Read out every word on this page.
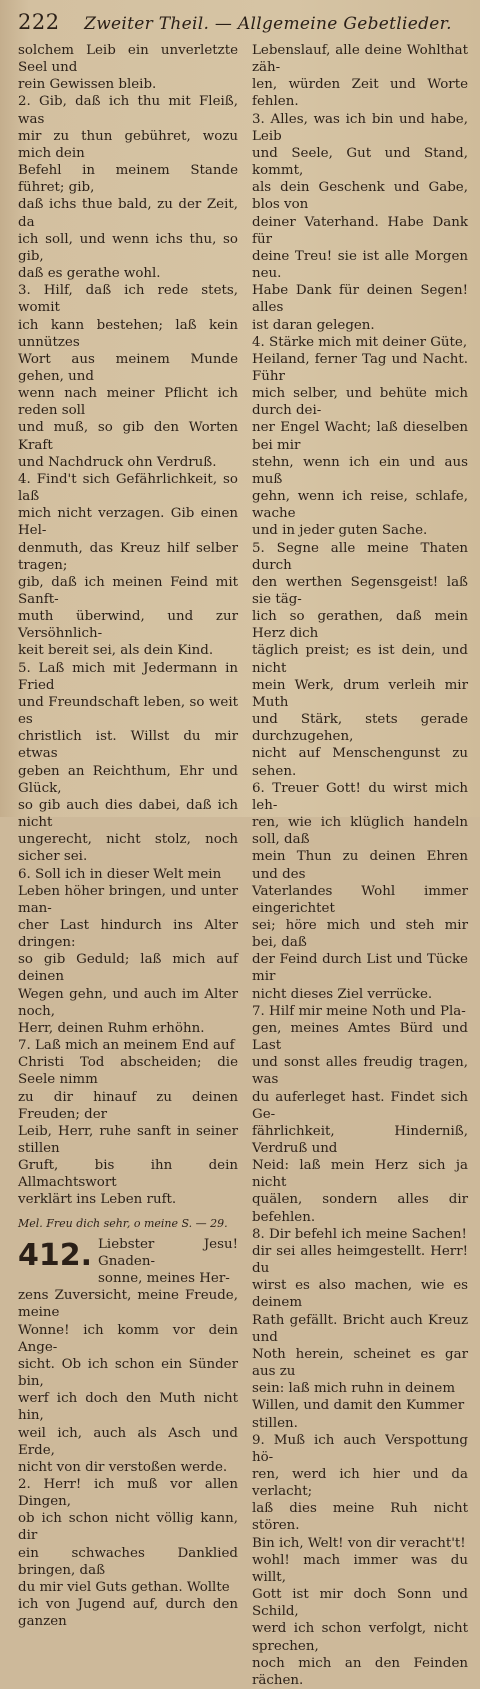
222	Zweiter Theil. — Allgemeine Gebetlieder.

solchem Leib ein unverletzte Seel und
rein Gewissen bleib.
2. Gib, daß ich thu mit Fleiß, was
mir zu thun gebühret, wozu mich dein
Befehl in meinem Stande führet; gib,
daß ichs thue bald, zu der Zeit, da
ich soll, und wenn ichs thu, so gib,
daß es gerathe wohl.
3. Hilf, daß ich rede stets, womit
ich kann bestehen; laß kein unnützes
Wort aus meinem Munde gehen, und
wenn nach meiner Pflicht ich reden soll
und muß, so gib den Worten Kraft
und Nachdruck ohn Verdruß.
4. Find't sich Gefährlichkeit, so laß
mich nicht verzagen. Gib einen Hel-
denmuth, das Kreuz hilf selber tragen;
gib, daß ich meinen Feind mit Sanft-
muth überwind, und zur Versöhnlich-
keit bereit sei, als dein Kind.
5. Laß mich mit Jedermann in Fried
und Freundschaft leben, so weit es
christlich ist. Willst du mir etwas
geben an Reichthum, Ehr und Glück,
so gib auch dies dabei, daß ich nicht
ungerecht, nicht stolz, noch sicher sei.
6. Soll ich in dieser Welt mein
Leben höher bringen, und unter man-
cher Last hindurch ins Alter dringen:
so gib Geduld; laß mich auf deinen
Wegen gehn, und auch im Alter noch,
Herr, deinen Ruhm erhöhn.
7. Laß mich an meinem End auf
Christi Tod abscheiden; die Seele nimm
zu dir hinauf zu deinen Freuden; der
Leib, Herr, ruhe sanft in seiner stillen
Gruft, bis ihn dein Allmachtswort
verklärt ins Leben ruft.

Mel. Freu dich sehr, o meine S. — 29.
412. Liebster Jesu! Gnaden-
sonne, meines Her-

zens Zuversicht, meine Freude, meine
Wonne! ich komm vor dein Ange-
sicht. Ob ich schon ein Sünder bin,
werf ich doch den Muth nicht hin,
weil ich, auch als Asch und Erde,
nicht von dir verstoßen werde.
2. Herr! ich muß vor allen Dingen,
ob ich schon nicht völlig kann, dir
ein schwaches Danklied bringen, daß
du mir viel Guts gethan. Wollte
ich von Jugend auf, durch den ganzen

Lebenslauf, alle deine Wohlthat zäh-
len, würden Zeit und Worte fehlen.
3. Alles, was ich bin und habe, Leib
und Seele, Gut und Stand, kommt,
als dein Geschenk und Gabe, blos von
deiner Vaterhand. Habe Dank für
deine Treu! sie ist alle Morgen neu.
Habe Dank für deinen Segen! alles
ist daran gelegen.
4. Stärke mich mit deiner Güte,
Heiland, ferner Tag und Nacht. Führ
mich selber, und behüte mich durch dei-
ner Engel Wacht; laß dieselben bei mir
stehn, wenn ich ein und aus muß
gehn, wenn ich reise, schlafe, wache
und in jeder guten Sache.
5. Segne alle meine Thaten durch
den werthen Segensgeist! laß sie täg-
lich so gerathen, daß mein Herz dich
täglich preist; es ist dein, und nicht
mein Werk, drum verleih mir Muth
und Stärk, stets gerade durchzugehen,
nicht auf Menschengunst zu sehen.
6. Treuer Gott! du wirst mich leh-
ren, wie ich klüglich handeln soll, daß
mein Thun zu deinen Ehren und des
Vaterlandes Wohl immer eingerichtet
sei; höre mich und steh mir bei, daß
der Feind durch List und Tücke mir
nicht dieses Ziel verrücke.
7. Hilf mir meine Noth und Pla-
gen, meines Amtes Bürd und Last
und sonst alles freudig tragen, was
du auferleget hast. Findet sich Ge-
fährlichkeit, Hinderniß, Verdruß und
Neid: laß mein Herz sich ja nicht
quälen, sondern alles dir befehlen.
8. Dir befehl ich meine Sachen!
dir sei alles heimgestellt. Herr! du
wirst es also machen, wie es deinem
Rath gefällt. Bricht auch Kreuz und
Noth herein, scheinet es gar aus zu
sein: laß mich ruhn in deinem
Willen, und damit den Kummer
stillen.
9. Muß ich auch Verspottung hö-
ren, werd ich hier und da verlacht;
laß dies meine Ruh nicht stören.
Bin ich, Welt! von dir veracht't!
wohl! mach immer was du willt,
Gott ist mir doch Sonn und Schild,
werd ich schon verfolgt, nicht sprechen,
noch mich an den Feinden rächen.
